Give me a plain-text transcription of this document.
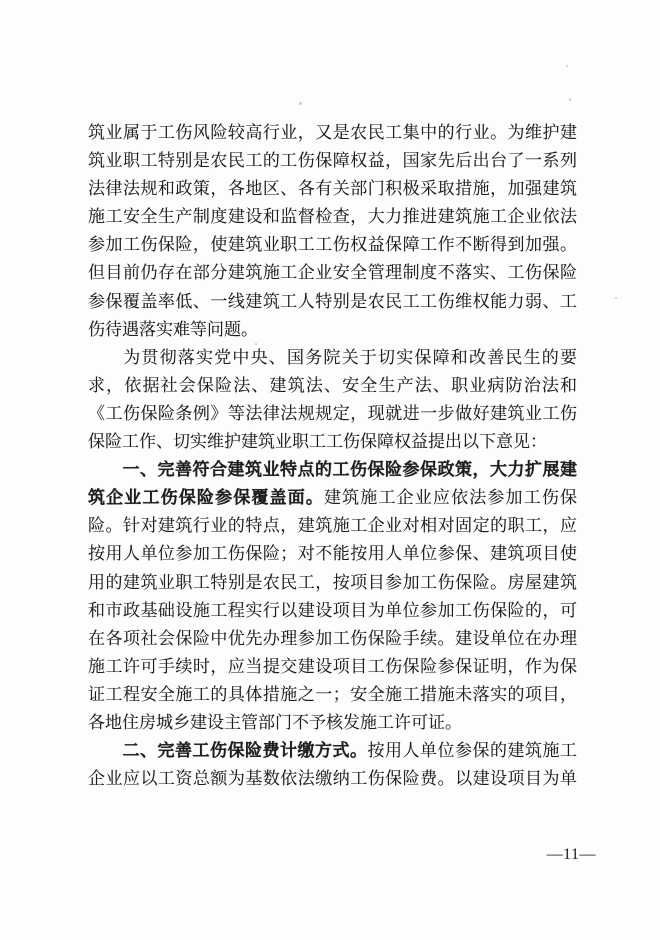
筑业属于工伤风险较高行业，又是农民工集中的行业。为维护建
筑业职工特别是农民工的工伤保障权益，国家先后出台了一系列
法律法规和政策，各地区、各有关部门积极采取措施，加强建筑
施工安全生产制度建设和监督检查，大力推进建筑施工企业依法
参加工伤保险，使建筑业职工工伤权益保障工作不断得到加强。
但目前仍存在部分建筑施工企业安全管理制度不落实、工伤保险
参保覆盖率低、一线建筑工人特别是农民工工伤维权能力弱、工
伤待遇落实难等问题。
为贯彻落实党中央、国务院关于切实保障和改善民生的要
求，依据社会保险法、建筑法、安全生产法、职业病防治法和
《工伤保险条例》等法律法规规定，现就进一步做好建筑业工伤
保险工作、切实维护建筑业职工工伤保障权益提出以下意见：
一、完善符合建筑业特点的工伤保险参保政策，大力扩展建
筑企业工伤保险参保覆盖面。建筑施工企业应依法参加工伤保
险。针对建筑行业的特点，建筑施工企业对相对固定的职工，应
按用人单位参加工伤保险；对不能按用人单位参保、建筑项目使
用的建筑业职工特别是农民工，按项目参加工伤保险。房屋建筑
和市政基础设施工程实行以建设项目为单位参加工伤保险的，可
在各项社会保险中优先办理参加工伤保险手续。建设单位在办理
施工许可手续时，应当提交建设项目工伤保险参保证明，作为保
证工程安全施工的具体措施之一；安全施工措施未落实的项目，
各地住房城乡建设主管部门不予核发施工许可证。
二、完善工伤保险费计缴方式。按用人单位参保的建筑施工
企业应以工资总额为基数依法缴纳工伤保险费。以建设项目为单
—11—
